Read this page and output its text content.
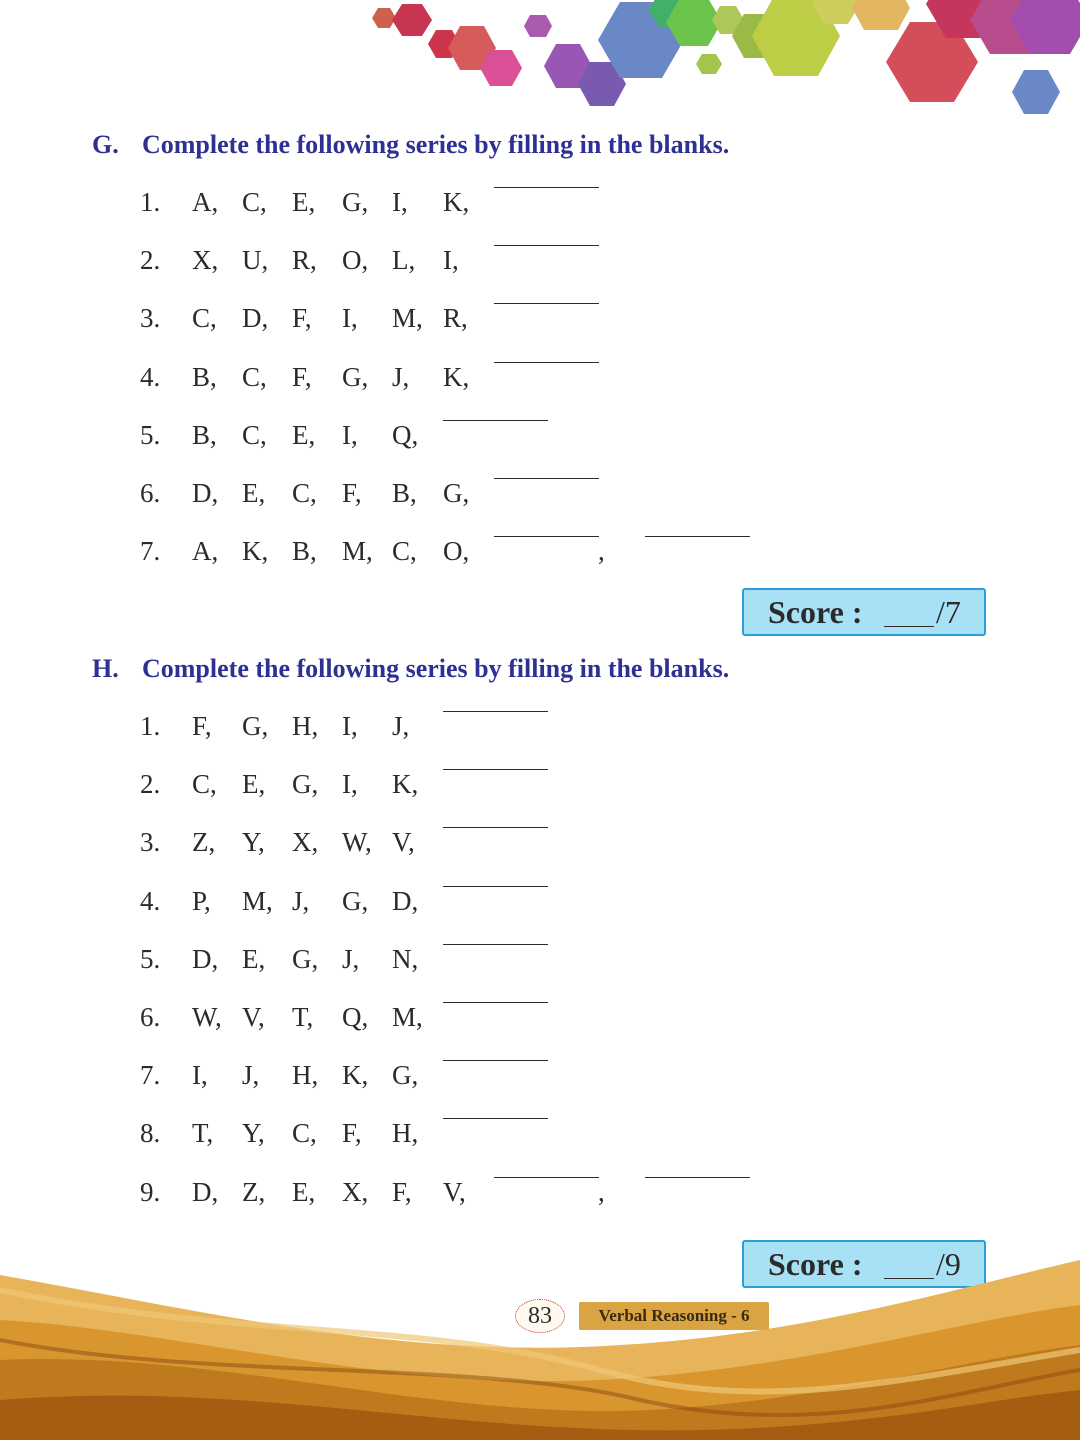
G. Complete the following series by filling in the blanks.
1. A, C, E, G, I, K,
2. X, U, R, O, L, I,
3. C, D, F, I, M, R,
4. B, C, F, G, J, K,
5. B, C, E, I, Q,
6. D, E, C, F, B, G,
7. A, K, B, M, C, O,	,
Score : /7
H. Complete the following series by filling in the blanks.
1. F, G, H, I, J,
2. C, E, G, I, K,
3. Z, Y, X, W, V,
4. P, M, J, G, D,
5. D, E, G, J, N,
6. W, V, T, Q, M,
7. I, J, H, K, G,
8. T, Y, C, F, H,
9. D, Z, E, X, F, V,	,
Score : /9
83	Verbal Reasoning - 6
